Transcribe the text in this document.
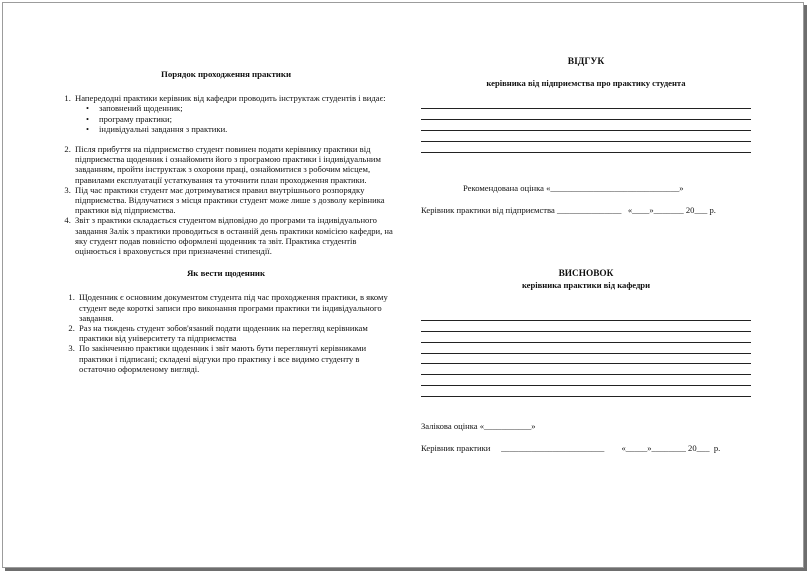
Порядок проходження практики
1. Напередодні практики керівник від кафедри проводить інструктаж студентів і видає:
• заповнений щоденник;
• програму практики;
• індивідуальні завдання з практики.
2. Після прибуття на підприємство студент повинен подати керівнику практики від підприємства щоденник і ознайомити його з програмою практики і індивідуальним завданням, пройти інструктаж з охорони праці, ознайомитися з робочим місцем, правилами експлуатації устаткування та уточнити план проходження практики.
3. Під час практики студент має дотримуватися правил внутрішнього розпорядку підприємства. Відлучатися з місця практики студент може лише з дозволу керівника практики від підприємства.
4. Звіт з практики складається студентом відповідно до програми та індивідуального завдання Залік з практики проводиться в останній день практики комісією кафедри, на яку студент подав повністю оформлені щоденник та звіт. Практика студентів оцінюється і враховується при призначенні стипендії.
Як вести щоденник
1. Щоденник є основним документом студента під час проходження практики, в якому студент веде короткі записи про виконання програми практики ти індивідуального завдання.
2. Раз на тиждень студент зобов'язаний подати щоденник на перегляд керівникам практики від університету та підприємства
3. По закінченню практики щоденник і звіт мають бути переглянуті керівниками практики і підписані; складені відгуки про практику і все видимо студенту в остаточно оформленому вигляді.
ВІДГУК
керівника від підприємства про практику студента
Рекомендована оцінка «______________________________»
Керівник практики від підприємства _______________   «____»_______ 20___ р.
ВИСНОВОК
керівника практики від кафедри
Залікова оцінка «___________»
Керівник практики     ________________________        «_____»________ 20___  р.
